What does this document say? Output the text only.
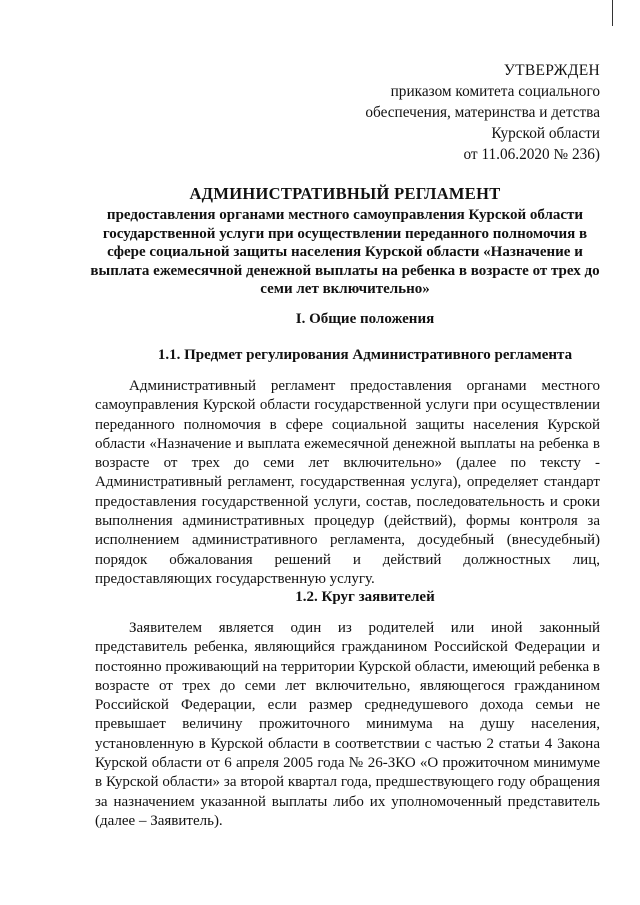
УТВЕРЖДЕН
приказом комитета социального
обеспечения, материнства и детства
Курской области
от 11.06.2020 № 236)
АДМИНИСТРАТИВНЫЙ РЕГЛАМЕНТ

предоставления органами местного самоуправления Курской области государственной услуги при осуществлении переданного полномочия в сфере социальной защиты населения Курской области «Назначение и выплата ежемесячной денежной выплаты на ребенка в возрасте от трех до семи лет включительно»

I. Общие положения
1.1. Предмет регулирования Административного регламента

Административный регламент предоставления органами местного самоуправления Курской области государственной услуги при осуществлении переданного полномочия в сфере социальной защиты населения Курской области «Назначение и выплата ежемесячной денежной выплаты на ребенка в возрасте от трех до семи лет включительно» (далее по тексту - Административный регламент, государственная услуга), определяет стандарт предоставления государственной услуги, состав, последовательность и сроки выполнения административных процедур (действий), формы контроля за исполнением административного регламента, досудебный (внесудебный) порядок обжалования решений и действий должностных лиц, предоставляющих государственную услугу.

1.2. Круг заявителей

Заявителем является один из родителей или иной законный представитель ребенка, являющийся гражданином Российской Федерации и постоянно проживающий на территории Курской области, имеющий ребенка в возрасте от трех до семи лет включительно, являющегося гражданином Российской Федерации, если размер среднедушевого дохода семьи не превышает величину прожиточного минимума на душу населения, установленную в Курской области в соответствии с частью 2 статьи 4 Закона Курской области от 6 апреля 2005 года № 26-ЗКО «О прожиточном минимуме в Курской области» за второй квартал года, предшествующего году обращения за назначением указанной выплаты либо их уполномоченный представитель (далее – Заявитель).
